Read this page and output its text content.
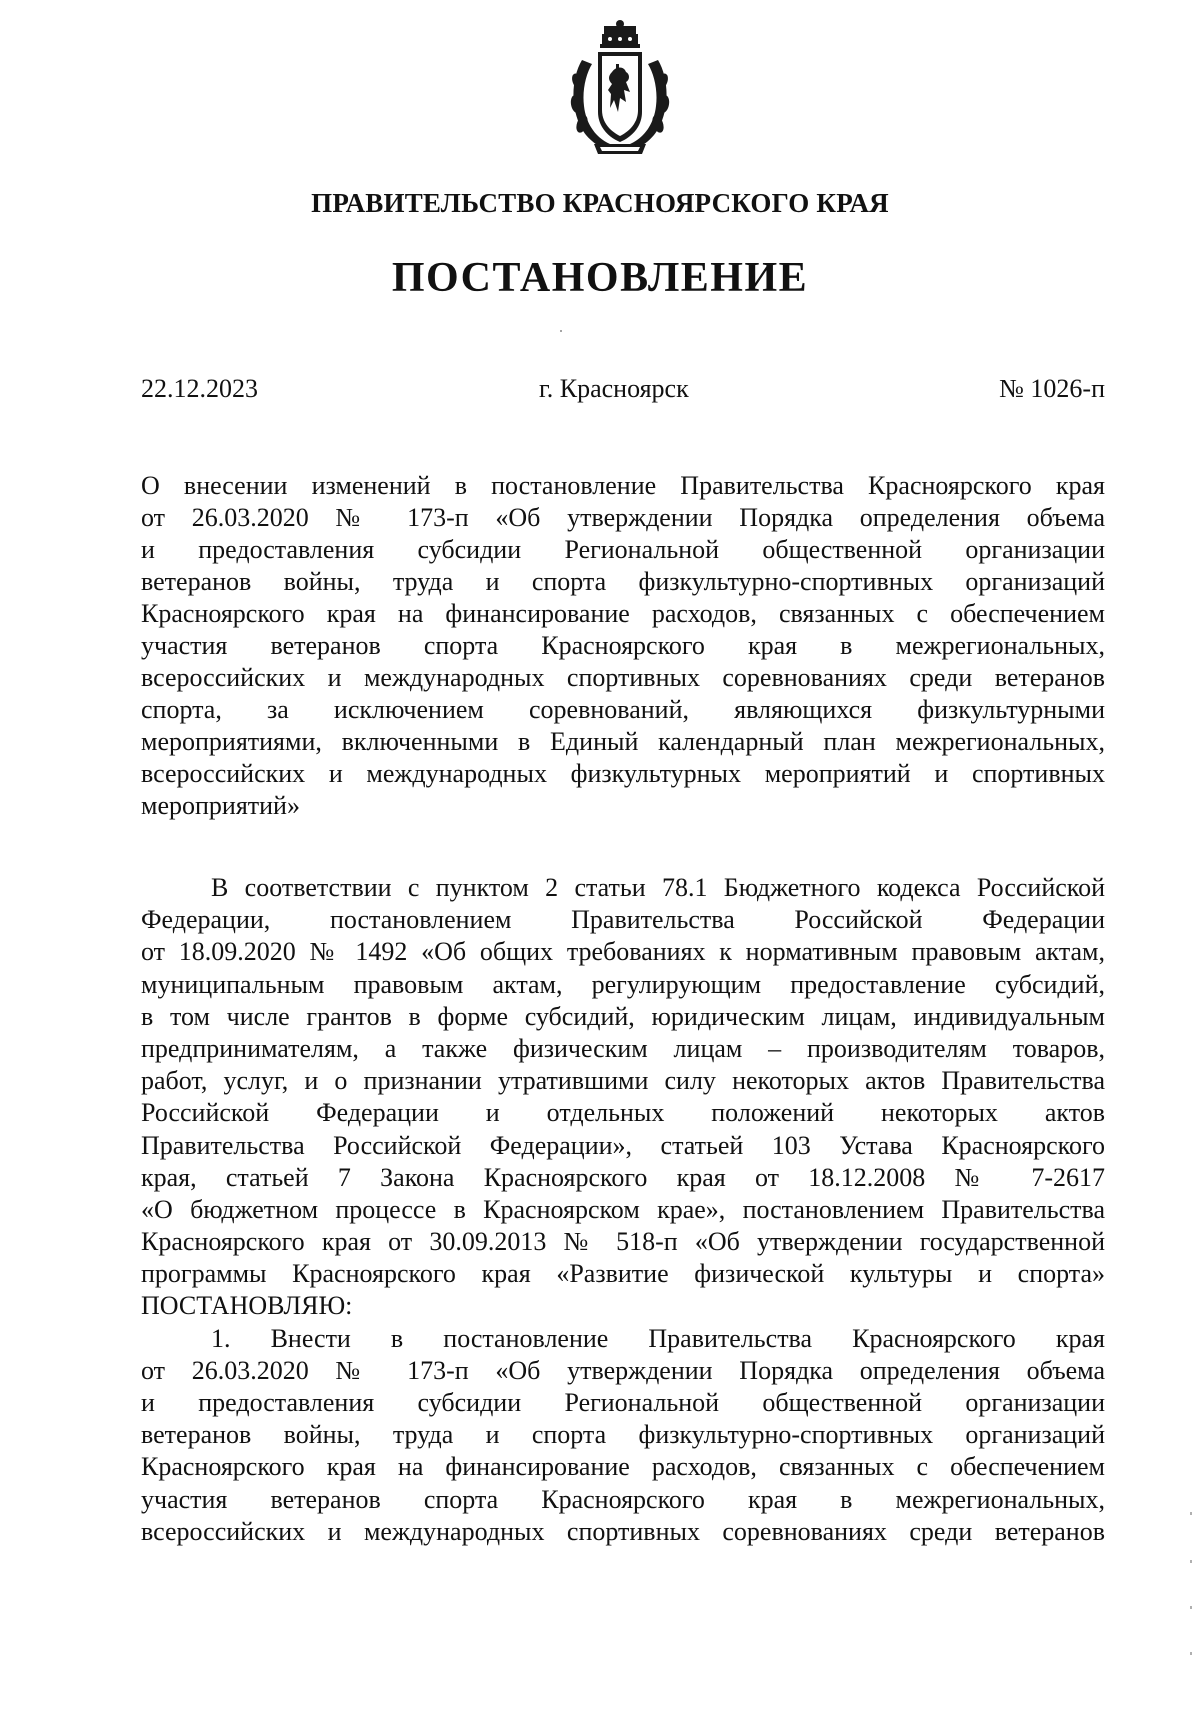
ПРАВИТЕЛЬСТВО КРАСНОЯРСКОГО КРАЯ
ПОСТАНОВЛЕНИЕ
22.12.2023	г. Красноярск	№ 1026-п
О внесении изменений в постановление Правительства Красноярского края
от 26.03.2020 № 173-п «Об утверждении Порядка определения объема
и предоставления субсидии Региональной общественной организации
ветеранов войны, труда и спорта физкультурно-спортивных организаций
Красноярского края на финансирование расходов, связанных с обеспечением
участия ветеранов спорта Красноярского края в межрегиональных,
всероссийских и международных спортивных соревнованиях среди ветеранов
спорта, за исключением соревнований, являющихся физкультурными
мероприятиями, включенными в Единый календарный план межрегиональных,
всероссийских и международных физкультурных мероприятий и спортивных
мероприятий»
В соответствии с пунктом 2 статьи 78.1 Бюджетного кодекса Российской
Федерации, постановлением Правительства Российской Федерации
от 18.09.2020 № 1492 «Об общих требованиях к нормативным правовым актам,
муниципальным правовым актам, регулирующим предоставление субсидий,
в том числе грантов в форме субсидий, юридическим лицам, индивидуальным
предпринимателям, а также физическим лицам – производителям товаров,
работ, услуг, и о признании утратившими силу некоторых актов Правительства
Российской Федерации и отдельных положений некоторых актов
Правительства Российской Федерации», статьей 103 Устава Красноярского
края, статьей 7 Закона Красноярского края от 18.12.2008 № 7-2617
«О бюджетном процессе в Красноярском крае», постановлением Правительства
Красноярского края от 30.09.2013 № 518-п «Об утверждении государственной
программы Красноярского края «Развитие физической культуры и спорта»
ПОСТАНОВЛЯЮ:
1. Внести в постановление Правительства Красноярского края
от 26.03.2020 № 173-п «Об утверждении Порядка определения объема
и предоставления субсидии Региональной общественной организации
ветеранов войны, труда и спорта физкультурно-спортивных организаций
Красноярского края на финансирование расходов, связанных с обеспечением
участия ветеранов спорта Красноярского края в межрегиональных,
всероссийских и международных спортивных соревнованиях среди ветеранов
